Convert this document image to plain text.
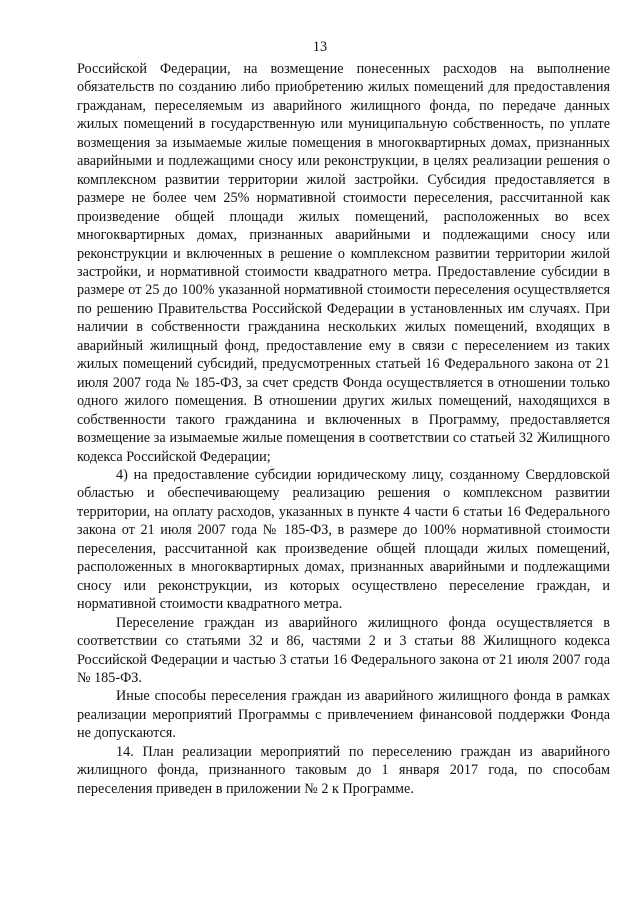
13

Российской Федерации, на возмещение понесенных расходов на выполнение обязательств по созданию либо приобретению жилых помещений для предоставления гражданам, переселяемым из аварийного жилищного фонда, по передаче данных жилых помещений в государственную или муниципальную собственность, по уплате возмещения за изымаемые жилые помещения в многоквартирных домах, признанных аварийными и подлежащими сносу или реконструкции, в целях реализации решения о комплексном развитии территории жилой застройки. Субсидия предоставляется в размере не более чем 25% нормативной стоимости переселения, рассчитанной как произведение общей площади жилых помещений, расположенных во всех многоквартирных домах, признанных аварийными и подлежащими сносу или реконструкции и включенных в решение о комплексном развитии территории жилой застройки, и нормативной стоимости квадратного метра. Предоставление субсидии в размере от 25 до 100% указанной нормативной стоимости переселения осуществляется по решению Правительства Российской Федерации в установленных им случаях. При наличии в собственности гражданина нескольких жилых помещений, входящих в аварийный жилищный фонд, предоставление ему в связи с переселением из таких жилых помещений субсидий, предусмотренных статьей 16 Федерального закона от 21 июля 2007 года № 185-ФЗ, за счет средств Фонда осуществляется в отношении только одного жилого помещения. В отношении других жилых помещений, находящихся в собственности такого гражданина и включенных в Программу, предоставляется возмещение за изымаемые жилые помещения в соответствии со статьей 32 Жилищного кодекса Российской Федерации;

4) на предоставление субсидии юридическому лицу, созданному Свердловской областью и обеспечивающему реализацию решения о комплексном развитии территории, на оплату расходов, указанных в пункте 4 части 6 статьи 16 Федерального закона от 21 июля 2007 года № 185-ФЗ, в размере до 100% нормативной стоимости переселения, рассчитанной как произведение общей площади жилых помещений, расположенных в многоквартирных домах, признанных аварийными и подлежащими сносу или реконструкции, из которых осуществлено переселение граждан, и нормативной стоимости квадратного метра.

Переселение граждан из аварийного жилищного фонда осуществляется в соответствии со статьями 32 и 86, частями 2 и 3 статьи 88 Жилищного кодекса Российской Федерации и частью 3 статьи 16 Федерального закона от 21 июля 2007 года № 185-ФЗ.

Иные способы переселения граждан из аварийного жилищного фонда в рамках реализации мероприятий Программы с привлечением финансовой поддержки Фонда не допускаются.

14. План реализации мероприятий по переселению граждан из аварийного жилищного фонда, признанного таковым до 1 января 2017 года, по способам переселения приведен в приложении № 2 к Программе.
